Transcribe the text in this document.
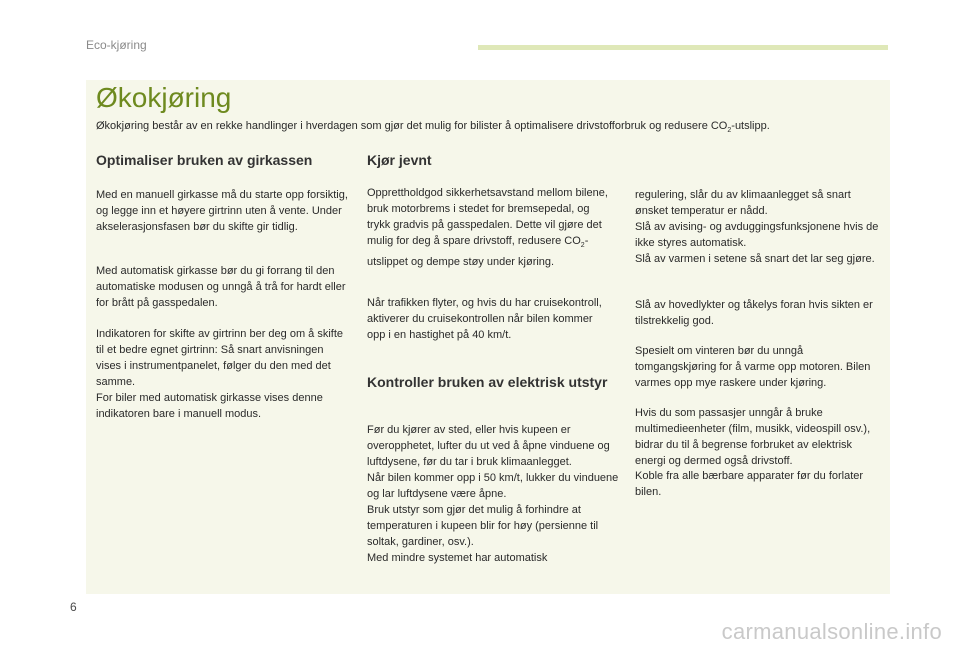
Eco-kjøring
Økokjøring

Økokjøring består av en rekke handlinger i hverdagen som gjør det mulig for bilister å optimalisere drivstofforbruk og redusere $CO_2$-utslipp.

Optimaliser bruken av girkassen

Med en manuell girkasse må du starte opp forsiktig, og legge inn et høyere girtrinn uten å vente. Under akselerasjonsfasen bør du skifte gir tidlig.

Med automatisk girkasse bør du gi forrang til den automatiske modusen og unngå å trå for hardt eller for brått på gasspedalen.

Indikatoren for skifte av girtrinn ber deg om å skifte til et bedre egnet girtrinn: Så snart anvisningen vises i instrumentpanelet, følger du den med det samme.

For biler med automatisk girkasse vises denne indikatoren bare i manuell modus.

Kjør jevnt

Opprettholdgod sikkerhetsavstand mellom bilene, bruk motorbrems i stedet for bremsepedal, og trykk gradvis på gasspedalen. Dette vil gjøre det mulig for deg å spare drivstoff, redusere $CO_2$-utslippet og dempe støy under kjøring.

Når trafikken flyter, og hvis du har cruisekontroll, aktiverer du cruisekontrollen når bilen kommer opp i en hastighet på 40 km/t.

Kontroller bruken av elektrisk utstyr

Før du kjører av sted, eller hvis kupeen er overopphetet, lufter du ut ved å åpne vinduene og luftdysene, før du tar i bruk klimaanlegget.

Når bilen kommer opp i 50 km/t, lukker du vinduene og lar luftdysene være åpne.

Bruk utstyr som gjør det mulig å forhindre at temperaturen i kupeen blir for høy (persienne til soltak, gardiner, osv.).

Med mindre systemet har automatisk

regulering, slår du av klimaanlegget så snart ønsket temperatur er nådd.

Slå av avising- og avduggingsfunksjonene hvis de ikke styres automatisk.

Slå av varmen i setene så snart det lar seg gjøre.

Slå av hovedlykter og tåkelys foran hvis sikten er tilstrekkelig god.

Spesielt om vinteren bør du unngå tomgangskjøring for å varme opp motoren. Bilen varmes opp mye raskere under kjøring.

Hvis du som passasjer unngår å bruke multimedieenheter (film, musikk, videospill osv.), bidrar du til å begrense forbruket av elektrisk energi og dermed også drivstoff.

Koble fra alle bærbare apparater før du forlater bilen.

6
carmanualsonline.info
